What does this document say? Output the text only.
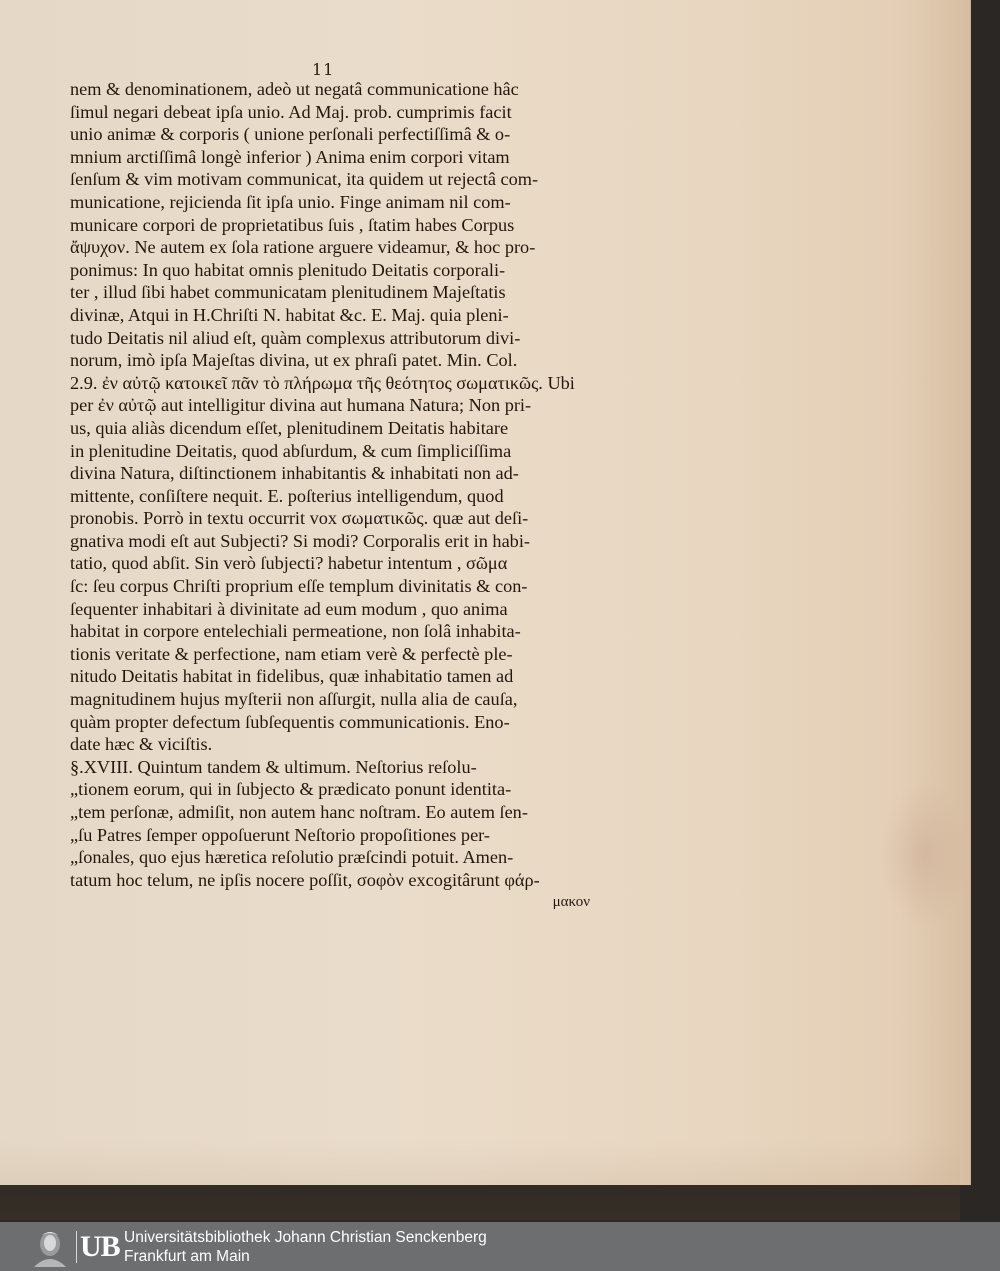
11
nem & denominationem, adeò ut negatâ communicatione hâc
ſimul negari debeat ipſa unio. Ad Maj. prob. cumprimis facit
unio animæ & corporis ( unione perſonali perfectiſſimâ & o-
mnium arctiſſimâ longè inferior ) Anima enim corpori vitam
ſenſum & vim motivam communicat, ita quidem ut rejectâ com-
municatione, rejicienda ſit ipſa unio. Finge animam nil com-
municare corpori de proprietatibus ſuis , ſtatim habes Corpus
ἄψυχον. Ne autem ex ſola ratione arguere videamur, & hoc pro-
ponimus: In quo habitat omnis plenitudo Deitatis corporali-
ter , illud ſibi habet communicatam plenitudinem Majeſtatis
divinæ, Atqui in H.Chriſti N. habitat &c. E. Maj. quia pleni-
tudo Deitatis nil aliud eſt, quàm complexus attributorum divi-
norum, imò ipſa Majeſtas divina, ut ex phraſi patet. Min. Col.
2.9. ἐν αὐτῷ κατοικεῖ πᾶν τὸ πλήρωμα τῆς θεότητος σωματικῶς. Ubi
per ἐν αὐτῷ aut intelligitur divina aut humana Natura; Non pri-
us, quia aliàs dicendum eſſet, plenitudinem Deitatis habitare
in plenitudine Deitatis, quod abſurdum, & cum ſimpliciſſima
divina Natura, diſtinctionem inhabitantis & inhabitati non ad-
mittente, conſiſtere nequit. E. poſterius intelligendum, quod
pronobis. Porrò in textu occurrit vox σωματικῶς. quæ aut deſi-
gnativa modi eſt aut Subjecti? Si modi? Corporalis erit in habi-
tatio, quod abſit. Sin verò ſubjecti? habetur intentum , σῶμα
ſc: ſeu corpus Chriſti proprium eſſe templum divinitatis & con-
ſequenter inhabitari à divinitate ad eum modum , quo anima
habitat in corpore entelechiali permeatione, non ſolâ inhabita-
tionis veritate & perfectione, nam etiam verè & perfectè ple-
nitudo Deitatis habitat in fidelibus, quæ inhabitatio tamen ad
magnitudinem hujus myſterii non aſſurgit, nulla alia de cauſa,
quàm propter defectum ſubſequentis communicationis. Eno-
date hæc & viciſtis.
§.XVIII. Quintum tandem & ultimum. Neſtorius reſolu-
„tionem eorum, qui in ſubjecto & prædicato ponunt identita-
„tem perſonæ, admiſit, non autem hanc noſtram. Eo autem ſen-
„ſu Patres ſemper oppoſuerunt Neſtorio propoſitiones per-
„ſonales, quo ejus hæretica reſolutio præſcindi potuit. Amen-
tatum hoc telum, ne ipſis nocere poſſit, σοφὸν excogitârunt φάρ-
μακον
UB Universitätsbibliothek Johann Christian Senckenberg
Frankfurt am Main
